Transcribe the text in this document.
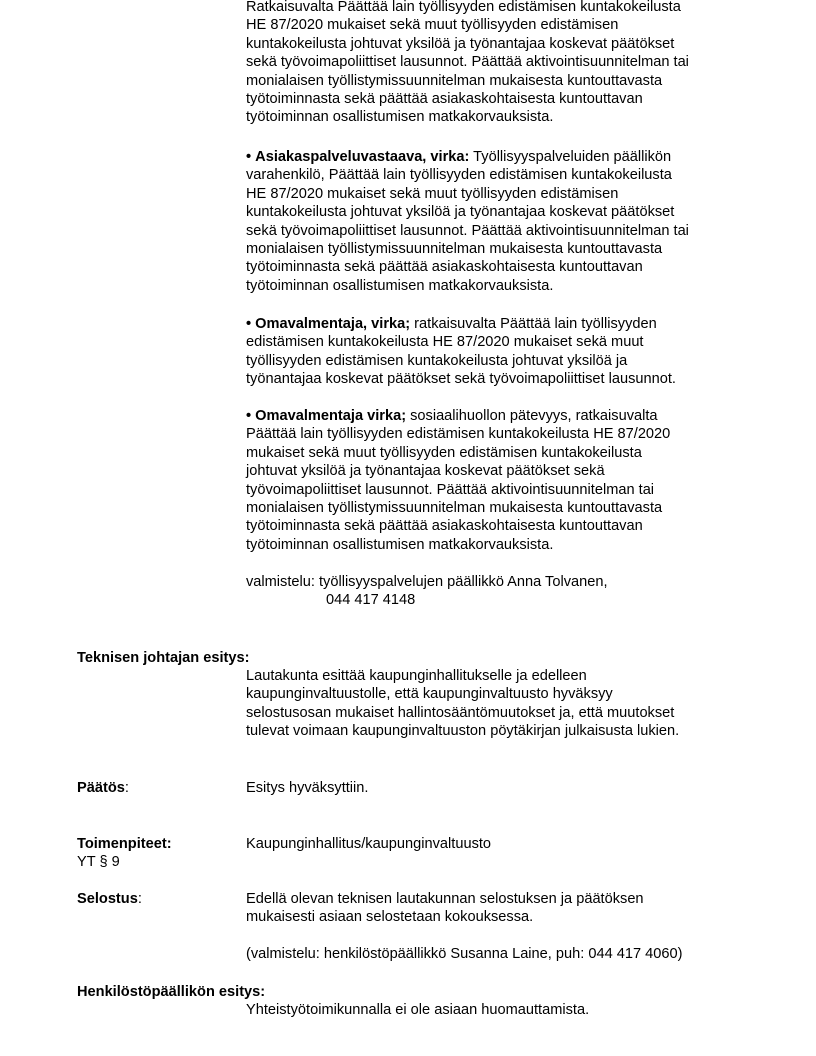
Ratkaisuvalta Päättää lain työllisyyden edistämisen kuntakokeilusta

HE 87/2020 mukaiset sekä muut työllisyyden edistämisen

kuntakokeilusta johtuvat yksilöä ja työnantajaa koskevat päätökset

sekä työvoimapoliittiset lausunnot. Päättää aktivointisuunnitelman tai

monialaisen työllistymissuunnitelman mukaisesta kuntouttavasta

työtoiminnasta sekä päättää asiakaskohtaisesta kuntouttavan

työtoiminnan osallistumisen matkakorvauksista.

• Asiakaspalveluvastaava, virka: Työllisyyspalveluiden päällikön

varahenkilö, Päättää lain työllisyyden edistämisen kuntakokeilusta

HE 87/2020 mukaiset sekä muut työllisyyden edistämisen

kuntakokeilusta johtuvat yksilöä ja työnantajaa koskevat päätökset

sekä työvoimapoliittiset lausunnot. Päättää aktivointisuunnitelman tai

monialaisen työllistymissuunnitelman mukaisesta kuntouttavasta

työtoiminnasta sekä päättää asiakaskohtaisesta kuntouttavan

työtoiminnan osallistumisen matkakorvauksista.

• Omavalmentaja, virka; ratkaisuvalta Päättää lain työllisyyden

edistämisen kuntakokeilusta HE 87/2020 mukaiset sekä muut

työllisyyden edistämisen kuntakokeilusta johtuvat yksilöä ja

työnantajaa koskevat päätökset sekä työvoimapoliittiset lausunnot.

• Omavalmentaja virka; sosiaalihuollon pätevyys, ratkaisuvalta

Päättää lain työllisyyden edistämisen kuntakokeilusta HE 87/2020

mukaiset sekä muut työllisyyden edistämisen kuntakokeilusta

johtuvat yksilöä ja työnantajaa koskevat päätökset sekä

työvoimapoliittiset lausunnot. Päättää aktivointisuunnitelman tai

monialaisen työllistymissuunnitelman mukaisesta kuntouttavasta

työtoiminnasta sekä päättää asiakaskohtaisesta kuntouttavan

työtoiminnan osallistumisen matkakorvauksista.

valmistelu: työllisyyspalvelujen päällikkö Anna Tolvanen,

044 417 4148

Teknisen johtajan esitys:

Lautakunta esittää kaupunginhallitukselle ja edelleen

kaupunginvaltuustolle, että kaupunginvaltuusto hyväksyy

selostusosan mukaiset hallintosääntömuutokset ja, että muutokset

tulevat voimaan kaupunginvaltuuston pöytäkirjan julkaisusta lukien.

Päätös:	Esitys hyväksyttiin.

Toimenpiteet:

YT § 9

Kaupunginhallitus/kaupunginvaltuusto

Selostus:	Edellä olevan teknisen lautakunnan selostuksen ja päätöksen

mukaisesti asiaan selostetaan kokouksessa.

(valmistelu: henkilöstöpäällikkö Susanna Laine, puh: 044 417 4060)

Henkilöstöpäällikön esitys:

Yhteistyötoimikunnalla ei ole asiaan huomauttamista.
